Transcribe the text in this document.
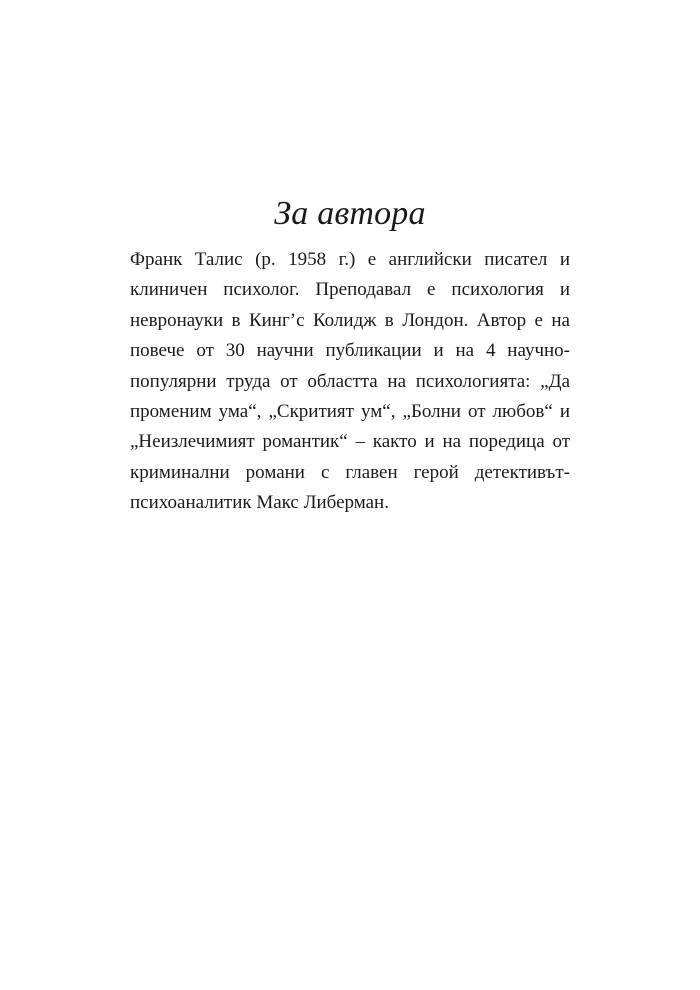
За автора
Франк Талис (р. 1958 г.) е английски писател и
клиничен психолог. Преподавал е психология и
невронауки в Кинг’с Колидж в Лондон. Автор е на
повече от 30 научни публикации и на 4 научно-
популярни труда от областта на психологията: „Да
променим ума“, „Скритият ум“, „Болни от любов“ и
„Неизлечимият романтик“ – както и на поредица от
криминални романи с главен герой детективът-
психоаналитик Макс Либерман.
